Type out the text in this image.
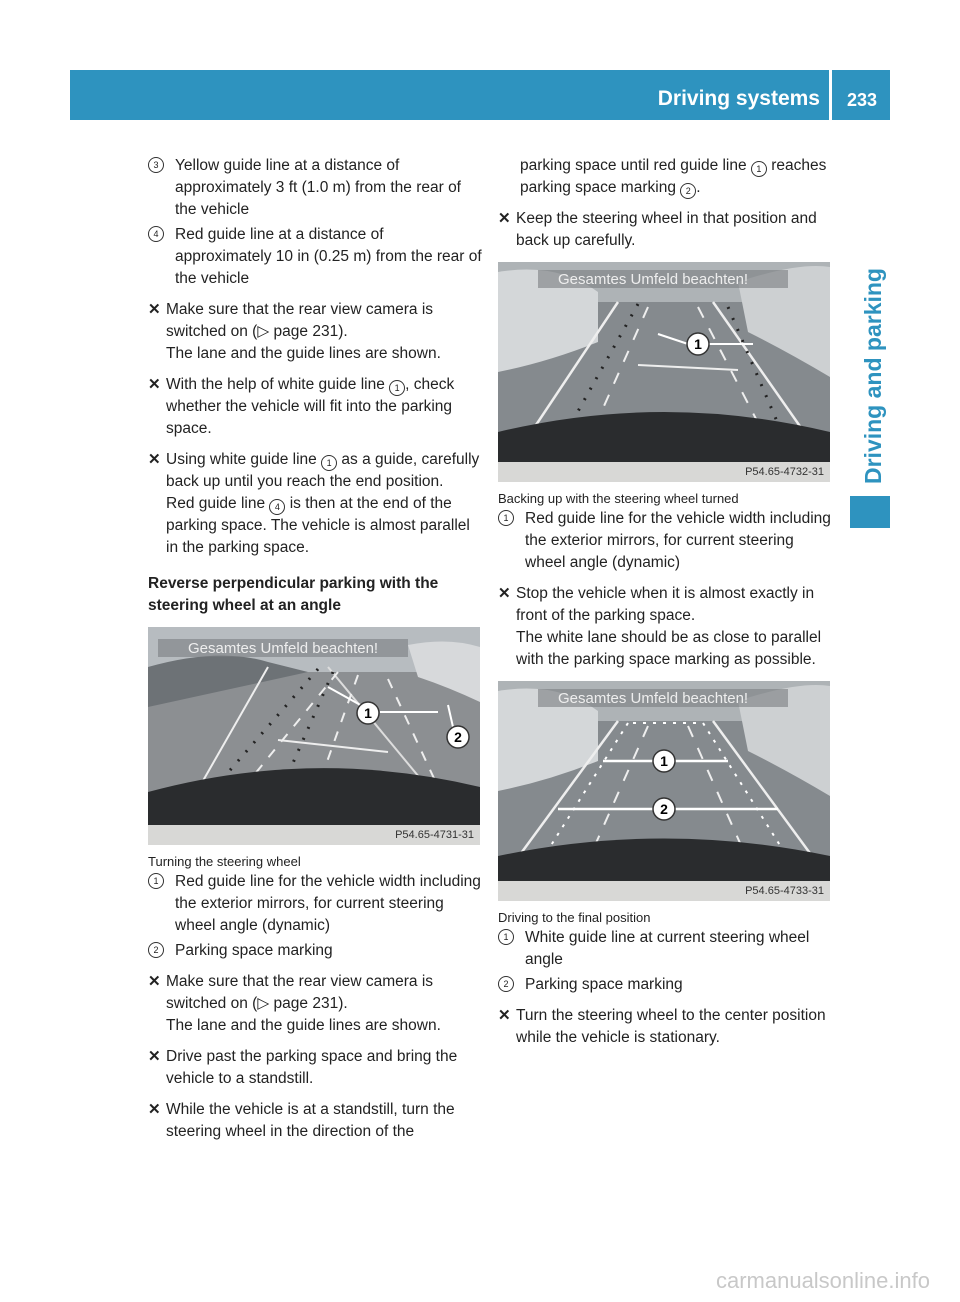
Driving systems	233
Driving and parking
3	Yellow guide line at a distance of approximately 3 ft (1.0 m) from the rear of the vehicle
4	Red guide line at a distance of approximately 10 in (0.25 m) from the rear of the vehicle
✕ Make sure that the rear view camera is switched on (▷ page 231).
The lane and the guide lines are shown.
✕ With the help of white guide line 1 , check whether the vehicle will fit into the parking space.
✕ Using white guide line 1 as a guide, carefully back up until you reach the end position.
Red guide line 4 is then at the end of the parking space. The vehicle is almost parallel in the parking space.
Reverse perpendicular parking with the steering wheel at an angle
Gesamtes Umfeld beachten!
1
2
P54.65-4731-31
Turning the steering wheel
1	Red guide line for the vehicle width including the exterior mirrors, for current steering wheel angle (dynamic)
2	Parking space marking
✕ Make sure that the rear view camera is switched on (▷ page 231).
The lane and the guide lines are shown.
✕ Drive past the parking space and bring the vehicle to a standstill.
✕ While the vehicle is at a standstill, turn the steering wheel in the direction of the
parking space until red guide line 1 reaches parking space marking 2 .
✕ Keep the steering wheel in that position and back up carefully.
Gesamtes Umfeld beachten!
1
P54.65-4732-31
Backing up with the steering wheel turned
1	Red guide line for the vehicle width including the exterior mirrors, for current steering wheel angle (dynamic)
✕ Stop the vehicle when it is almost exactly in front of the parking space.
The white lane should be as close to parallel with the parking space marking as possible.
Gesamtes Umfeld beachten!
1
2
P54.65-4733-31
Driving to the final position
1	White guide line at current steering wheel angle
2	Parking space marking
✕ Turn the steering wheel to the center position while the vehicle is stationary.
carmanualsonline.info
